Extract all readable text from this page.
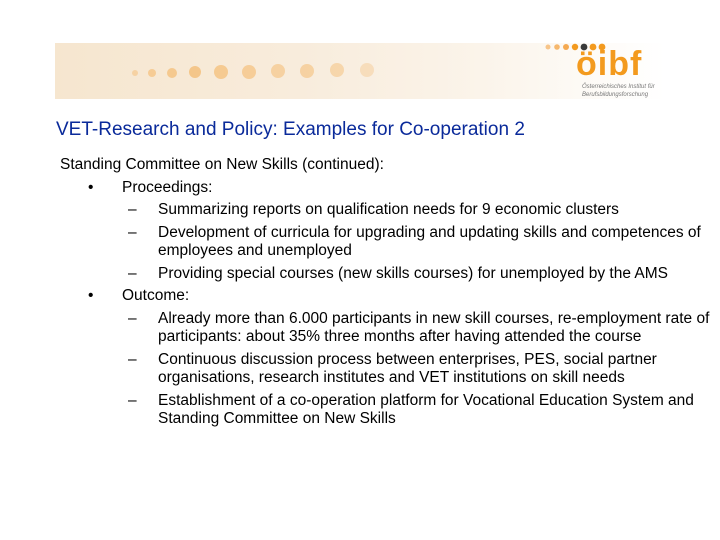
öibf
Österreichisches Institut für Berufsbildungsforschung
VET-Research and Policy: Examples for Co-operation 2
Standing Committee on New Skills (continued):
• Proceedings:
– Summarizing reports on qualification needs for 9 economic clusters
– Development of curricula for upgrading and updating skills and competences of employees and unemployed
– Providing special courses (new skills courses) for unemployed by the AMS
• Outcome:
– Already more than 6.000 participants in new skill courses, re-employment rate of participants: about 35% three months after having attended the course
– Continuous discussion process between enterprises, PES, social partner organisations, research institutes and VET institutions on skill needs
– Establishment of a co-operation platform for Vocational Education System and Standing Committee on New Skills
